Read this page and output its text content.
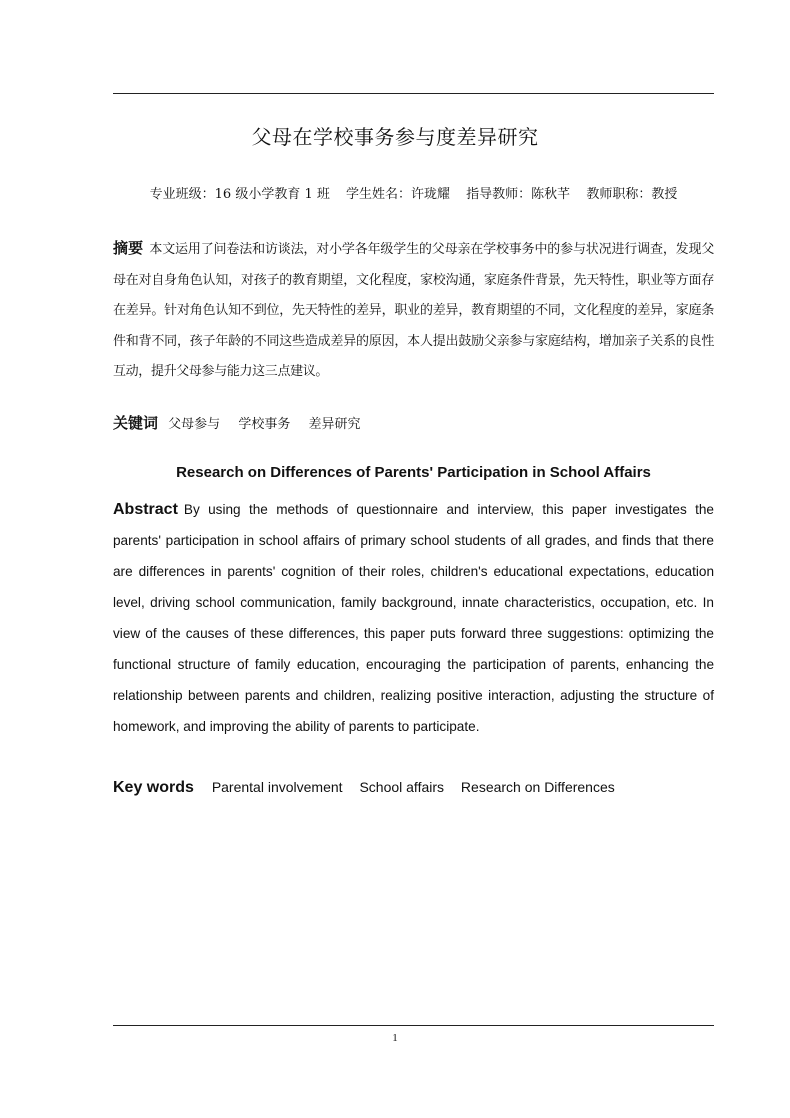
父母在学校事务参与度差异研究
专业班级：16 级小学教育 1 班 学生姓名：许珑耀 指导教师：陈秋芊 教师职称：教授
摘要 本文运用了问卷法和访谈法，对小学各年级学生的父母亲在学校事务中的参与状况进行调查，发现父母在对自身角色认知，对孩子的教育期望，文化程度，家校沟通，家庭条件背景，先天特性，职业等方面存在差异。针对角色认知不到位，先天特性的差异，职业的差异，教育期望的不同，文化程度的差异，家庭条件和背不同，孩子年龄的不同这些造成差异的原因，本人提出鼓励父亲参与家庭结构，增加亲子关系的良性互动，提升父母参与能力这三点建议。
关键词 父母参与 学校事务 差异研究
Research on Differences of Parents' Participation in School Affairs
Abstract By using the methods of questionnaire and interview, this paper investigates the parents' participation in school affairs of primary school students of all grades, and finds that there are differences in parents' cognition of their roles, children's educational expectations, education level, driving school communication, family background, innate characteristics, occupation, etc. In view of the causes of these differences, this paper puts forward three suggestions: optimizing the functional structure of family education, encouraging the participation of parents, enhancing the relationship between parents and children, realizing positive interaction, adjusting the structure of homework, and improving the ability of parents to participate.
Key words Parental involvement School affairs Research on Differences
1
